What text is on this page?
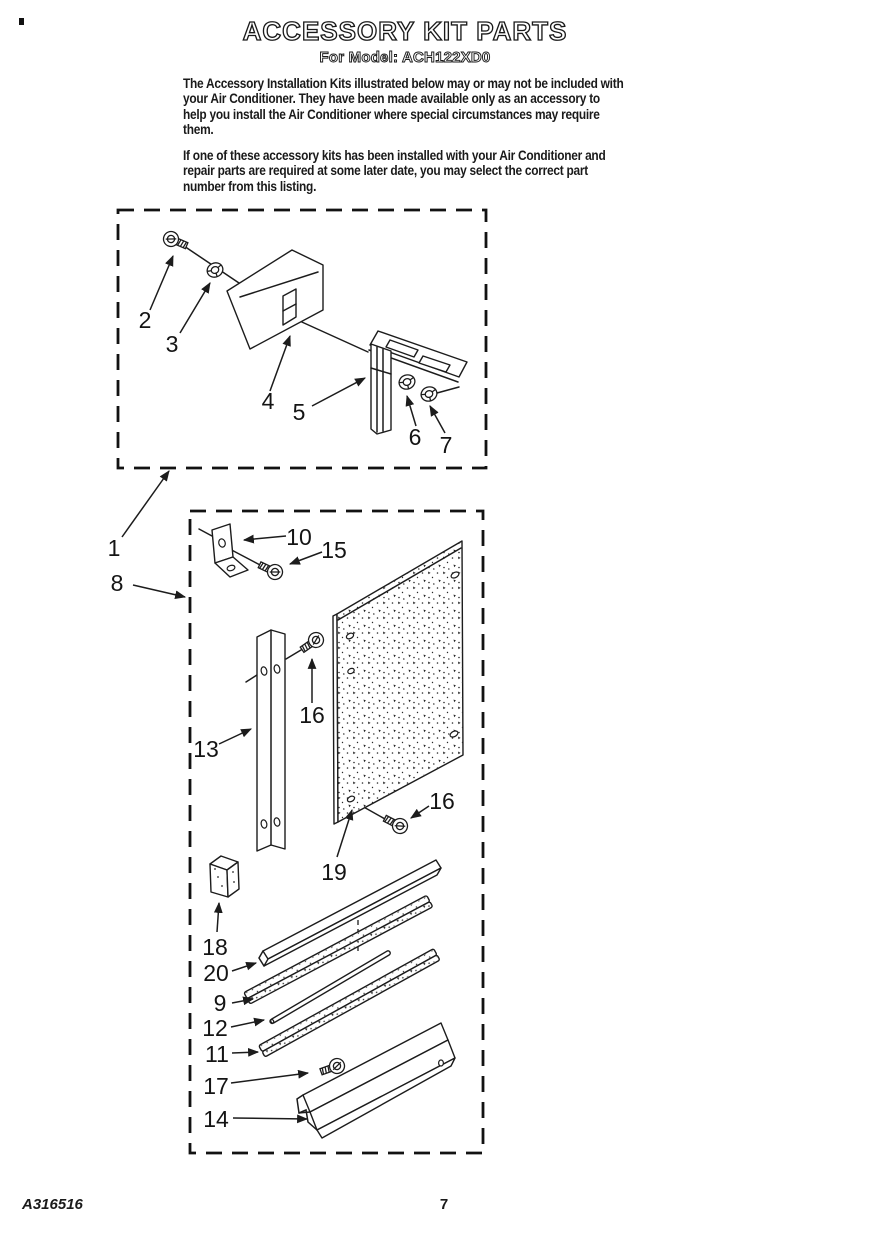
ACCESSORY KIT PARTS
For Model: ACH122XD0
The Accessory Installation Kits illustrated below may or may not be included with
your Air Conditioner. They have been made available only as an accessory to
help you install the Air Conditioner where special circumstances may require
them.
If one of these accessory kits has been installed with your Air Conditioner and
repair parts are required at some later date, you may select the correct part
number from this listing.
1
2
3
4 5
6 7
8
10 15
13
16
16
19
18
20
9
12
11
17
14
A316516	7
